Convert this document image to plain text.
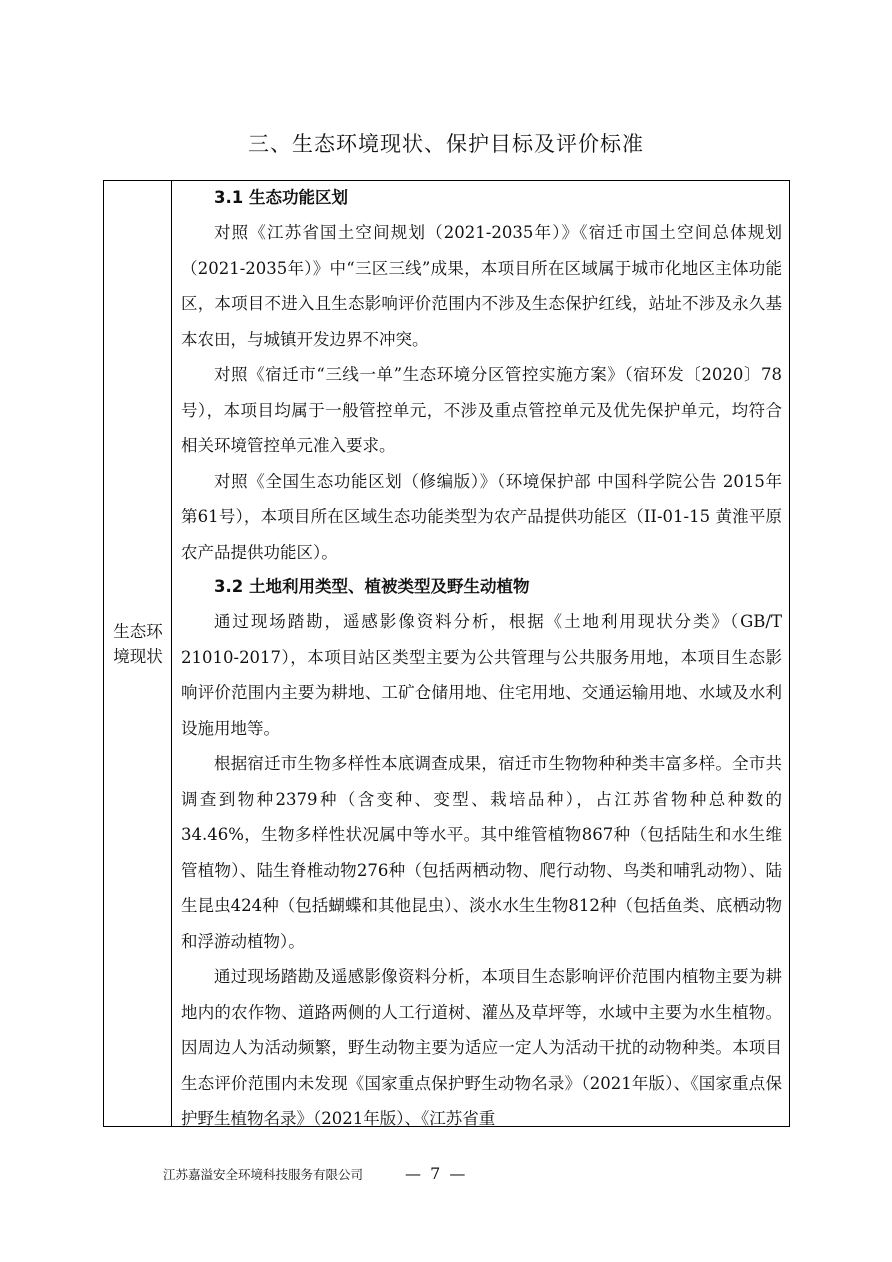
三、生态环境现状、保护目标及评价标准
生态环境现状
3.1 生态功能区划

对照《江苏省国土空间规划（2021-2035年）》《宿迁市国土空间总体规划（2021-2035年）》中“三区三线”成果，本项目所在区域属于城市化地区主体功能区，本项目不进入且生态影响评价范围内不涉及生态保护红线，站址不涉及永久基本农田，与城镇开发边界不冲突。

对照《宿迁市“三线一单”生态环境分区管控实施方案》（宿环发〔2020〕78号），本项目均属于一般管控单元，不涉及重点管控单元及优先保护单元，均符合相关环境管控单元准入要求。

对照《全国生态功能区划（修编版）》（环境保护部 中国科学院公告 2015年 第61号），本项目所在区域生态功能类型为农产品提供功能区（II-01-15 黄淮平原农产品提供功能区）。

3.2 土地利用类型、植被类型及野生动植物

通过现场踏勘，遥感影像资料分析，根据《土地利用现状分类》（GB/T 21010-2017），本项目站区类型主要为公共管理与公共服务用地，本项目生态影响评价范围内主要为耕地、工矿仓储用地、住宅用地、交通运输用地、水域及水利设施用地等。

根据宿迁市生物多样性本底调查成果，宿迁市生物物种种类丰富多样。全市共调查到物种2379种（含变种、变型、栽培品种），占江苏省物种总种数的34.46%，生物多样性状况属中等水平。其中维管植物867种（包括陆生和水生维管植物）、陆生脊椎动物276种（包括两栖动物、爬行动物、鸟类和哺乳动物）、陆生昆虫424种（包括蝴蝶和其他昆虫）、淡水水生生物812种（包括鱼类、底栖动物和浮游动植物）。

通过现场踏勘及遥感影像资料分析，本项目生态影响评价范围内植物主要为耕地内的农作物、道路两侧的人工行道树、灌丛及草坪等，水域中主要为水生植物。因周边人为活动频繁，野生动物主要为适应一定人为活动干扰的动物种类。本项目生态评价范围内未发现《国家重点保护野生动物名录》（2021年版）、《国家重点保护野生植物名录》（2021年版）、《江苏省重

江苏嘉溢安全环境科技服务有限公司	— 7 —
